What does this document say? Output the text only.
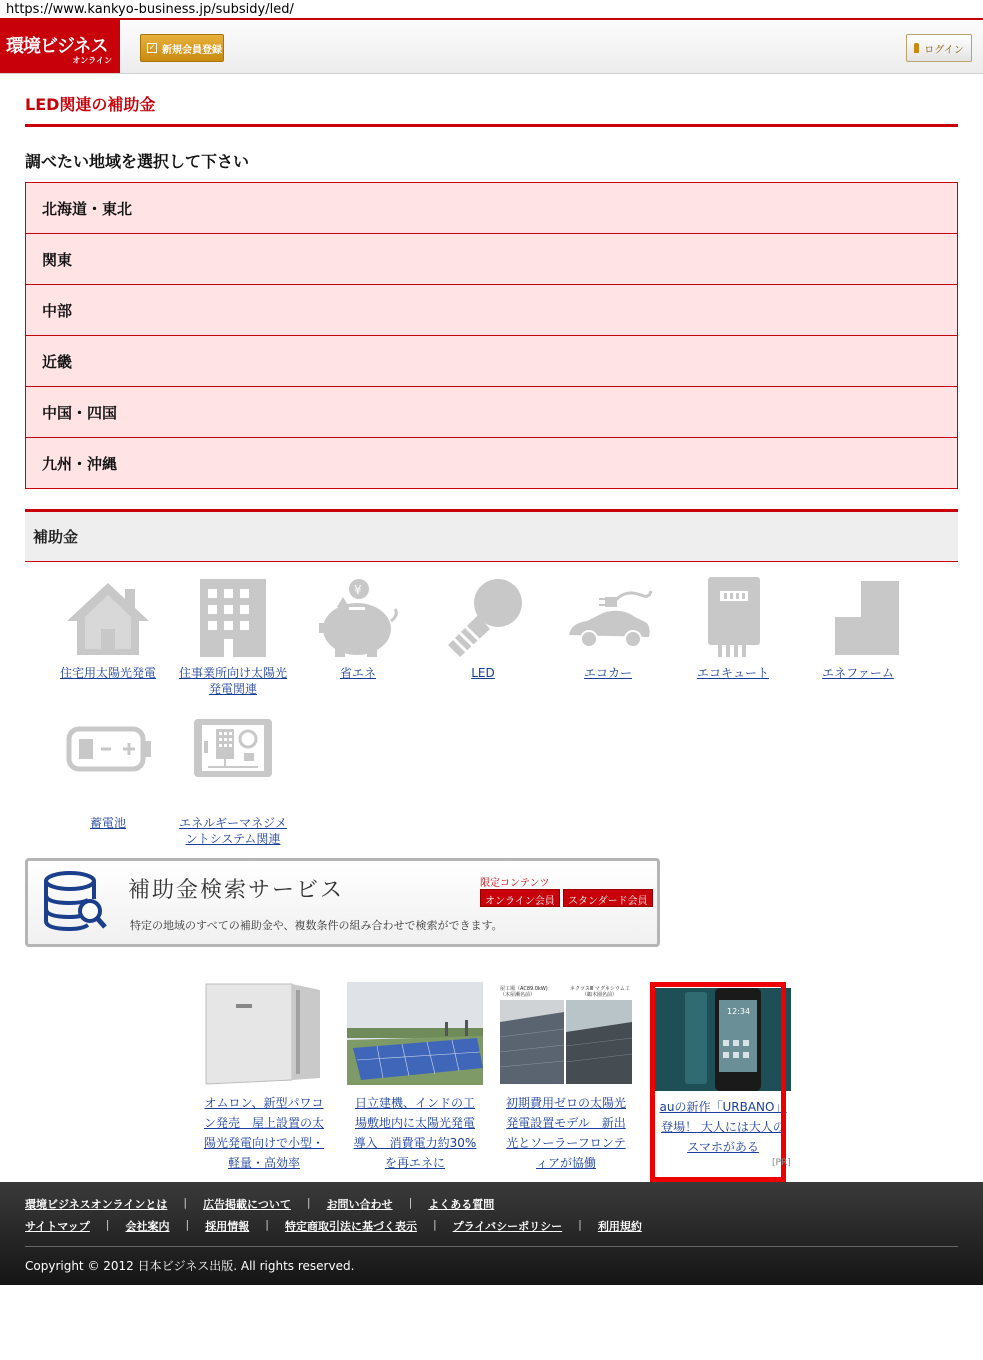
https://www.kankyo-business.jp/subsidy/led/
環境ビジネス
オンライン
✓ 新規会員登録	ログイン
LED関連の補助金
調べたい地域を選択して下さい
北海道・東北
関東
中部
近畿
中国・四国
九州・沖縄
補助金
住宅用太陽光発電	住事業所向け太陽光
発電関連
¥
省エネ	LED	エコカー	エコキュート	エネファーム
蓄電池	エネルギーマネジメ
ントシステム関連
補助金検索サービス	限定コンテンツ
オンライン会員	スタンダード会員
特定の地域のすべての補助金や、複数条件の組み合わせで検索ができます。
オムロン、新型パワコ
ン発売　屋上設置の太
陽光発電向けで小型・
軽量・高効率
日立建機、インドの工
場敷地内に太陽光発電
導入　消費電力約30%
を再エネに
屋工場（AC89.0kW)
（木屋瀬名前）
ネクツスⅢ マグネシウム工
（鶴木園名前）
初期費用ゼロの太陽光
発電設置モデル　新出
光とソーラーフロンテ
ィアが協働
12:34
auの新作「URBANO」
登場！ 大人には大人の
スマホがある
[PR]
環境ビジネスオンラインとは | 広告掲載について | お問い合わせ | よくある質問
サイトマップ | 会社案内 | 採用情報 | 特定商取引法に基づく表示 | プライバシーポリシー | 利用規約
Copyright © 2012 日本ビジネス出版. All rights reserved.
